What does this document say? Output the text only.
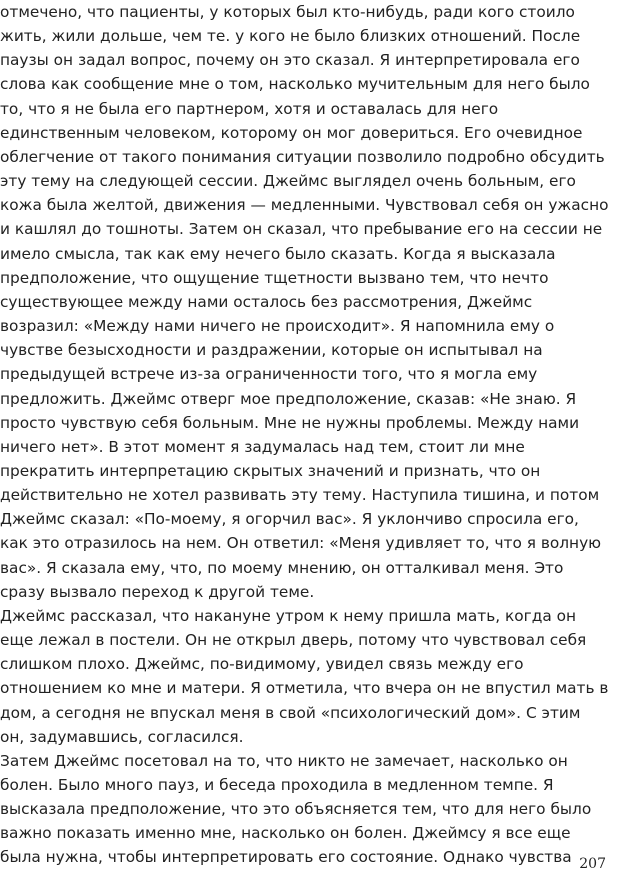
отмечено, что пациенты, у которых был кто-нибудь, ради кого стоило
жить, жили дольше, чем те. у кого не было близких отношений. После
паузы он задал вопрос, почему он это сказал. Я интерпретировала его
слова как сообщение мне о том, насколько мучительным для него было
то, что я не была его партнером, хотя и оставалась для него
единственным человеком, которому он мог довериться. Его очевидное
облегчение от такого понимания ситуации позволило подробно обсудить
эту тему на следующей сессии. Джеймс выглядел очень больным, его
кожа была желтой, движения — медленными. Чувствовал себя он ужасно
и кашлял до тошноты. Затем он сказал, что пребывание его на сессии не
имело смысла, так как ему нечего было сказать. Когда я высказала
предположение, что ощущение тщетности вызвано тем, что нечто
существующее между нами осталось без рассмотрения, Джеймс
возразил: «Между нами ничего не происходит». Я напомнила ему о
чувстве безысходности и раздражении, которые он испытывал на
предыдущей встрече из-за ограниченности того, что я могла ему
предложить. Джеймс отверг мое предположение, сказав: «Не знаю. Я
просто чувствую себя больным. Мне не нужны проблемы. Между нами
ничего нет». В этот момент я задумалась над тем, стоит ли мне
прекратить интерпретацию скрытых значений и признать, что он
действительно не хотел развивать эту тему. Наступила тишина, и потом
Джеймс сказал: «По-моему, я огорчил вас». Я уклончиво спросила его,
как это отразилось на нем. Он ответил: «Меня удивляет то, что я волную
вас». Я сказала ему, что, по моему мнению, он отталкивал меня. Это
сразу вызвало переход к другой теме.
Джеймс рассказал, что накануне утром к нему пришла мать, когда он
еще лежал в постели. Он не открыл дверь, потому что чувствовал себя
слишком плохо. Джеймс, по-видимому, увидел связь между его
отношением ко мне и матери. Я отметила, что вчера он не впустил мать в
дом, а сегодня не впускал меня в свой «психологический дом». С этим
он, задумавшись, согласился.
Затем Джеймс посетовал на то, что никто не замечает, насколько он
болен. Было много пауз, и беседа проходила в медленном темпе. Я
высказала предположение, что это объясняется тем, что для него было
важно показать именно мне, насколько он болен. Джеймсу я все еще
была нужна, чтобы интерпретировать его состояние. Однако чувства 207
